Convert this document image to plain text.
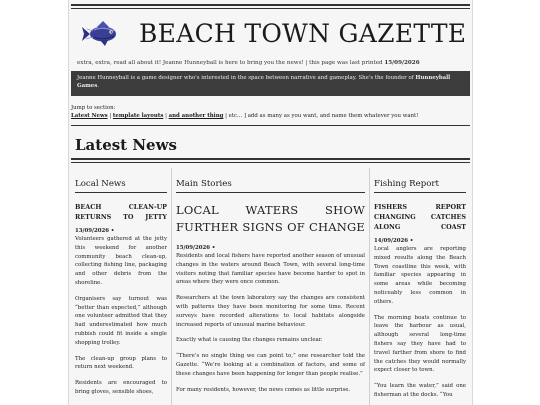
BEACH TOWN GAZETTE
extra, extra, read all about it! Jeanne Hunneyball is here to bring you the news! | this page was last printed 15/09/2026
Jeanne Hunneyball is a game designer who's interested in the space between narrative and gameplay. She's the founder of Hunneyball Games.
Jump to section:
Latest News | template layouts | and another thing | etc... ] add as many as you want, and name them whatever you want!
Latest News
Local News
BEACH CLEAN-UP RETURNS TO JETTY
13/09/2026 •

Volunteers gathered at the jetty this weekend for another community beach clean-up, collecting fishing line, packaging and other debris from the shoreline.

Organisers say turnout was “better than expected,” although one volunteer admitted that they had underestimated how much rubbish could fit inside a single shopping trolley.

The clean-up group plans to return next weekend.

Residents are encouraged to bring gloves, sensible shoes,

Main Stories
LOCAL WATERS SHOW FURTHER SIGNS OF CHANGE
15/09/2026 •

Residents and local fishers have reported another season of unusual changes in the waters around Beach Town, with several long-time visitors noting that familiar species have become harder to spot in areas where they were once common.

Researchers at the town laboratory say the changes are consistent with patterns they have been monitoring for some time. Recent surveys have recorded alterations to local habitats alongside increased reports of unusual marine behaviour.

Exactly what is causing the changes remains unclear.

“There’s no single thing we can point to,” one researcher told the Gazette. “We’re looking at a combination of factors, and some of these changes have been happening for longer than people realise.”

For many residents, however, the news comes as little surprise.

Fishing Report
FISHERS REPORT CHANGING CATCHES ALONG COAST
14/09/2026 •

Local anglers are reporting mixed results along the Beach Town coastline this week, with familiar species appearing in some areas while becoming noticeably less common in others.

The morning boats continue to leave the harbour as usual, although several long-time fishers say they have had to travel farther from shore to find the catches they would normally expect closer to town.

“You learn the water,” said one fisherman at the docks. “You
